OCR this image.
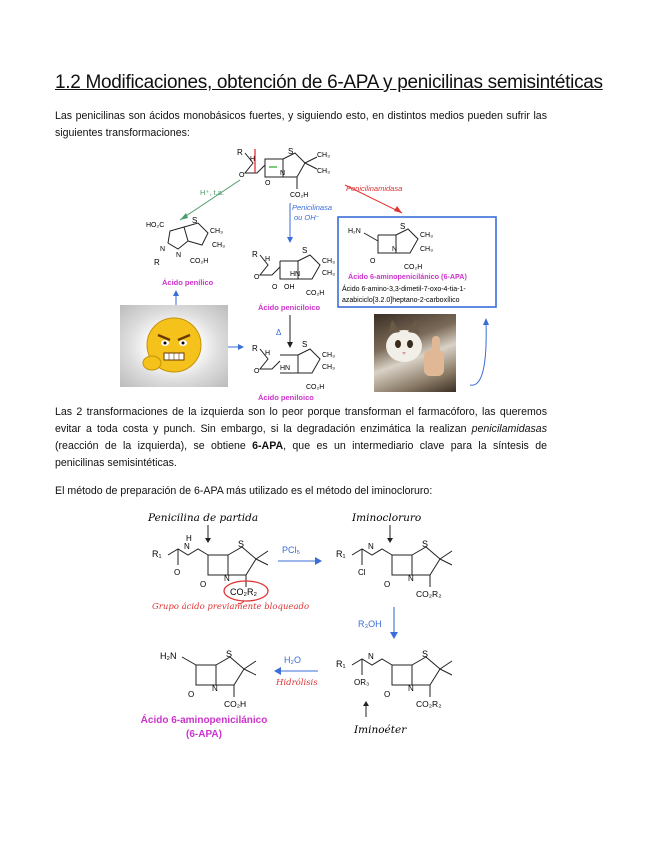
1.2 Modificaciones, obtención de 6-APA y penicilinas semisintéticas

Las penicilinas son ácidos monobásicos fuertes, y siguiendo esto, en distintos medios pueden sufrir las siguientes transformaciones:

R
H
O
O
S
N
CH₃
CH₃
CO₂H
H⁺, t.a.
Penicilinasa
ou OH⁻
Penicilinamidasa
HO₂C
S
N
N
R
CH₃
CH₃
CO₂H
Ácido penílico
R
H
O
S
HN
O OH
CH₃
CH₃
CO₂H
Ácido peniciloico
Δ
R
H
O
S
HN
CH₃
CH₃
CO₂H
Ácido peniloico
H₂N
S
N
O
CH₃
CH₃
CO₂H
Ácido 6-aminopenicilánico (6-APA)
Ácido 6-amino-3,3-dimetil-7-oxo-4-tia-1-
azabiciclo[3.2.0]heptano-2-carboxílico

Las 2 transformaciones de la izquierda son lo peor porque transforman el farmacóforo, las queremos evitar a toda costa y punch. Sin embargo, si la degradación enzimática la realizan penicilamidasas (reacción de la izquierda), se obtiene 6-APA, que es un intermediario clave para la síntesis de penicilinas semisintéticas.

El método de preparación de 6-APA más utilizado es el método del iminocloruro:

Penicilina de partida	Iminocloruro
R₁
O
H
N	S
N
O
CO₂R₂
Grupo ácido previamente bloqueado
PCl₅	R₁
Cl
N	S
N
O
CO₂R₂
R₃OH
R₁
OR₃
N	S
N
O
CO₂R₂
Iminoéter
H₂O
Hidrólisis
H₂N	S
N
O
CO₂H
Ácido 6-aminopenicilánico
(6-APA)
